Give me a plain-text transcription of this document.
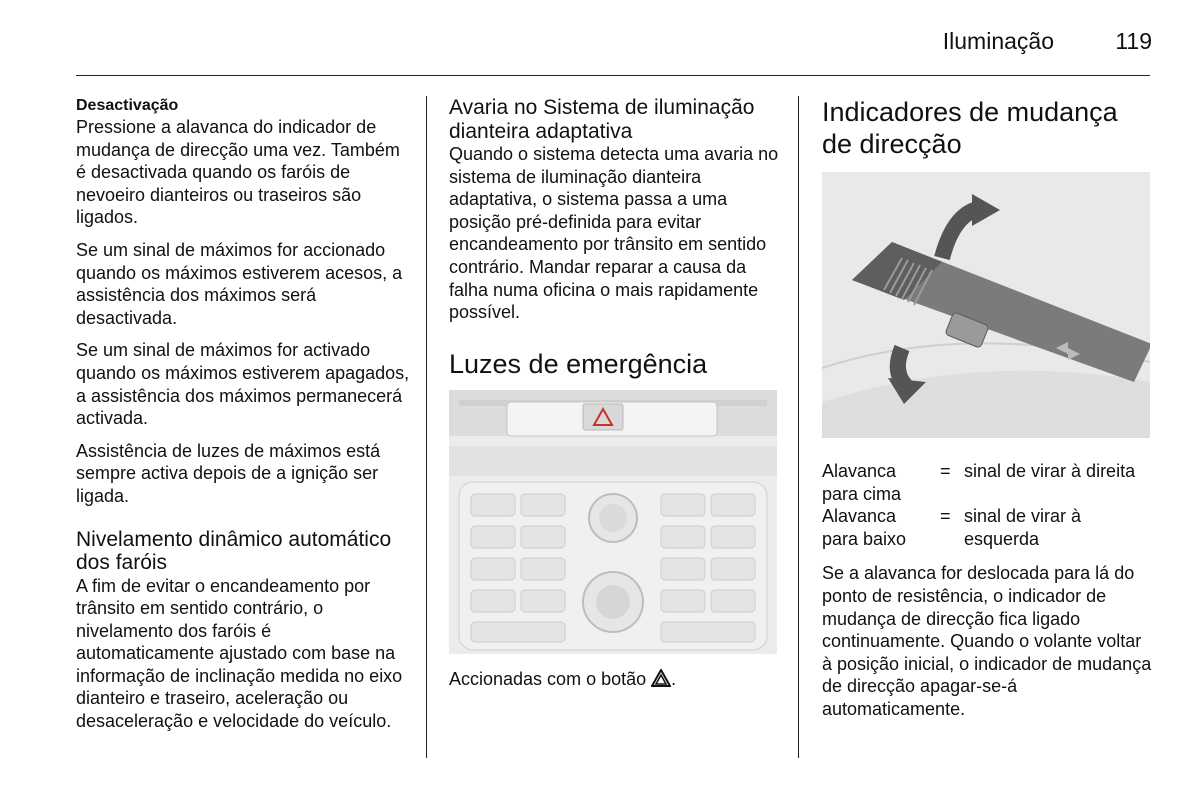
Iluminação	119
Desactivação

Pressione a alavanca do indicador de mudança de direcção uma vez. Também é desactivada quando os faróis de nevoeiro dianteiros ou traseiros são ligados.

Se um sinal de máximos for accionado quando os máximos estiverem acesos, a assistência dos máximos será desactivada.

Se um sinal de máximos for activado quando os máximos estiverem apagados, a assistência dos máximos permanecerá activada.

Assistência de luzes de máximos está sempre activa depois de a ignição ser ligada.

Nivelamento dinâmico automático dos faróis

A fim de evitar o encandeamento por trânsito em sentido contrário, o nivelamento dos faróis é automaticamente ajustado com base na informação de inclinação medida no eixo dianteiro e traseiro, aceleração ou desaceleração e velocidade do veículo.

Avaria no Sistema de iluminação dianteira adaptativa

Quando o sistema detecta uma avaria no sistema de iluminação dianteira adaptativa, o sistema passa a uma posição pré-definida para evitar encandeamento por trânsito em sentido contrário. Mandar reparar a causa da falha numa oficina o mais rapidamente possível.

Luzes de emergência
Accionadas com o botão .
Indicadores de mudança de direcção
Alavanca para cima
= sinal de virar à direita
Alavanca para baixo
= sinal de virar à esquerda

Se a alavanca for deslocada para lá do ponto de resistência, o indicador de mudança de direcção fica ligado continuamente. Quando o volante voltar à posição inicial, o indicador de mudança de direcção apagar-se-á automaticamente.
